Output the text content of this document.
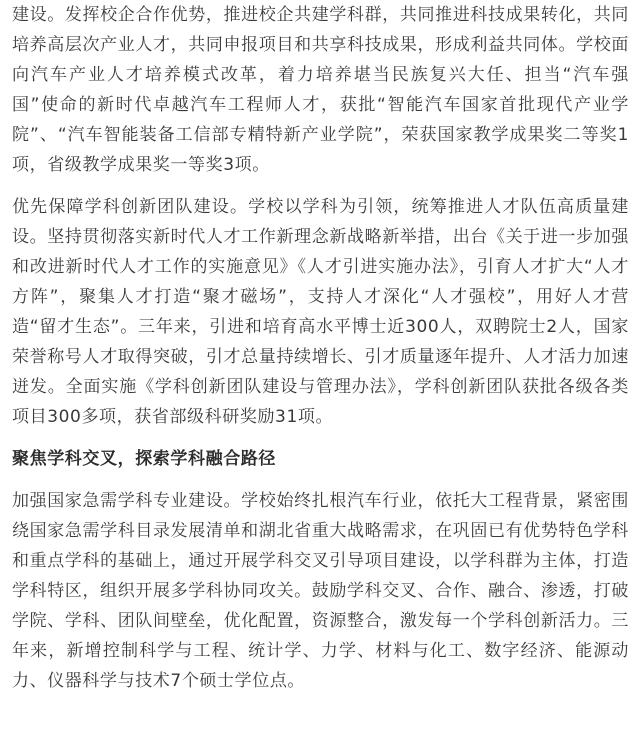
建设。发挥校企合作优势，推进校企共建学科群，共同推进科技成果转化，共同培养高层次产业人才，共同申报项目和共享科技成果，形成利益共同体。学校面向汽车产业人才培养模式改革，着力培养堪当民族复兴大任、担当“汽车强国”使命的新时代卓越汽车工程师人才，获批“智能汽车国家首批现代产业学院”、“汽车智能装备工信部专精特新产业学院”，荣获国家教学成果奖二等奖1项，省级教学成果奖一等奖3项。

优先保障学科创新团队建设。学校以学科为引领，统筹推进人才队伍高质量建设。坚持贯彻落实新时代人才工作新理念新战略新举措，出台《关于进一步加强和改进新时代人才工作的实施意见》《人才引进实施办法》，引育人才扩大“人才方阵”，聚集人才打造“聚才磁场”，支持人才深化“人才强校”，用好人才营造“留才生态”。三年来，引进和培育高水平博士近300人，双聘院士2人，国家荣誉称号人才取得突破，引才总量持续增长、引才质量逐年提升、人才活力加速迸发。全面实施《学科创新团队建设与管理办法》，学科创新团队获批各级各类项目300多项，获省部级科研奖励31项。

聚焦学科交叉，探索学科融合路径

加强国家急需学科专业建设。学校始终扎根汽车行业，依托大工程背景，紧密围绕国家急需学科目录发展清单和湖北省重大战略需求，在巩固已有优势特色学科和重点学科的基础上，通过开展学科交叉引导项目建设，以学科群为主体，打造学科特区，组织开展多学科协同攻关。鼓励学科交叉、合作、融合、渗透，打破学院、学科、团队间壁垒，优化配置，资源整合，激发每一个学科创新活力。三年来，新增控制科学与工程、统计学、力学、材料与化工、数字经济、能源动力、仪器科学与技术7个硕士学位点。
